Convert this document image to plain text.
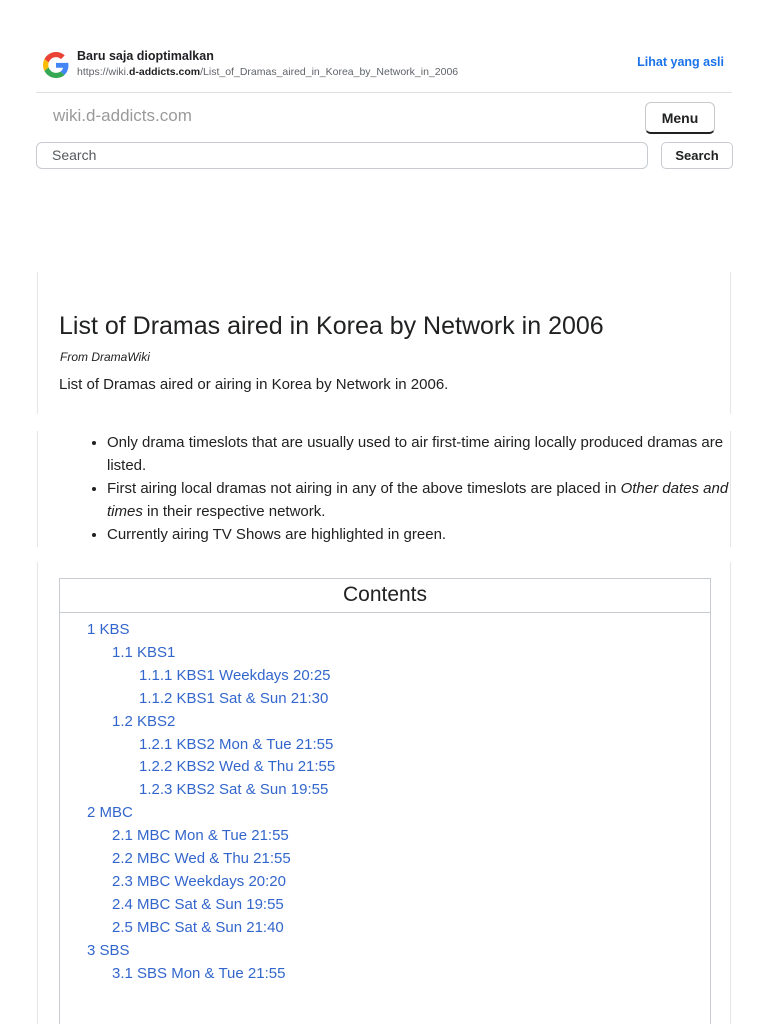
Baru saja dioptimalkan
https://wiki.d-addicts.com/List_of_Dramas_aired_in_Korea_by_Network_in_2006
Lihat yang asli
wiki.d-addicts.com	Menu
Search	Search
List of Dramas aired in Korea by Network in 2006
From DramaWiki
List of Dramas aired or airing in Korea by Network in 2006.
• Only drama timeslots that are usually used to air first-time airing locally produced dramas are listed.
• First airing local dramas not airing in any of the above timeslots are placed in Other dates and times in their respective network.
• Currently airing TV Shows are highlighted in green.
Contents
1 KBS
1.1 KBS1
1.1.1 KBS1 Weekdays 20:25
1.1.2 KBS1 Sat & Sun 21:30
1.2 KBS2
1.2.1 KBS2 Mon & Tue 21:55
1.2.2 KBS2 Wed & Thu 21:55
1.2.3 KBS2 Sat & Sun 19:55
2 MBC
2.1 MBC Mon & Tue 21:55
2.2 MBC Wed & Thu 21:55
2.3 MBC Weekdays 20:20
2.4 MBC Sat & Sun 19:55
2.5 MBC Sat & Sun 21:40
3 SBS
3.1 SBS Mon & Tue 21:55
